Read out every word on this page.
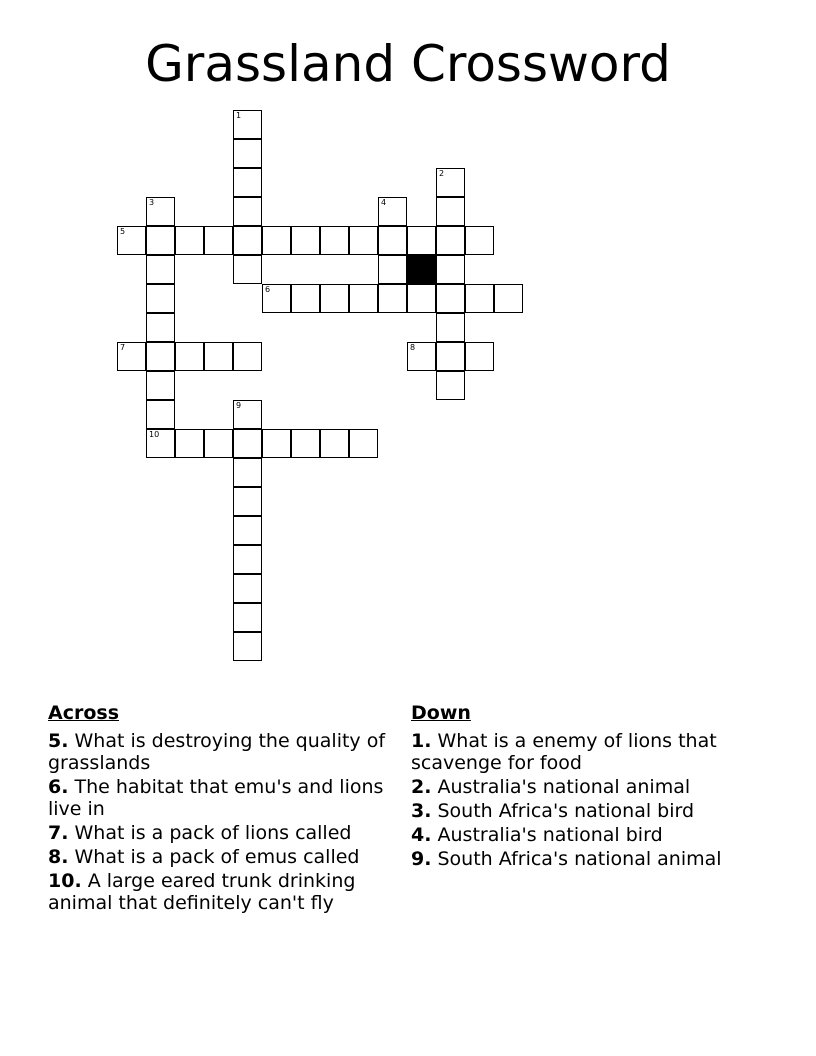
Grassland Crossword
1
2
3
10
4
5
6
7	8
9
Across
5. What is destroying the quality of grasslands
6. The habitat that emu's and lions live in
7. What is a pack of lions called
8. What is a pack of emus called
10. A large eared trunk drinking animal that definitely can't fly
Down
1. What is a enemy of lions that scavenge for food
2. Australia's national animal
3. South Africa's national bird
4. Australia's national bird
9. South Africa's national animal
